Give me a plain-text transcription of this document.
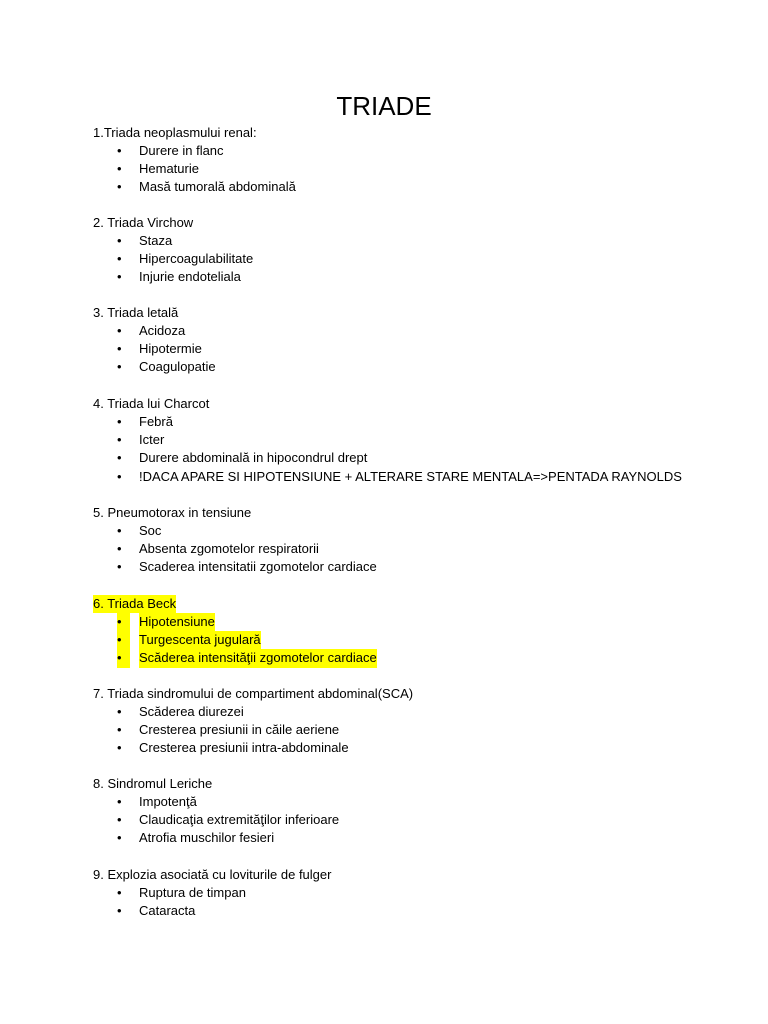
TRIADE
1.Triada neoplasmului renal:
• Durere in flanc
• Hematurie
• Masă tumorală abdominală
2. Triada Virchow
• Staza
• Hipercoagulabilitate
• Injurie endoteliala
3. Triada letală
• Acidoza
• Hipotermie
• Coagulopatie
4. Triada lui Charcot
• Febră
• Icter
• Durere abdominală in hipocondrul drept
• !DACA APARE SI HIPOTENSIUNE + ALTERARE STARE MENTALA=>PENTADA RAYNOLDS
5. Pneumotorax in tensiune
• Soc
• Absenta zgomotelor respiratorii
• Scaderea intensitatii zgomotelor cardiace
6. Triada Beck
•	Hipotensiune
•	Turgescenta jugulară
•	Scăderea intensităţii zgomotelor cardiace
7. Triada sindromului de compartiment abdominal(SCA)
• Scăderea diurezei
• Cresterea presiunii in căile aeriene
• Cresterea presiunii intra-abdominale
8. Sindromul Leriche
• Impotenţă
• Claudicaţia extremităţilor inferioare
• Atrofia muschilor fesieri
9. Explozia asociată cu loviturile de fulger
• Ruptura de timpan
• Cataracta
